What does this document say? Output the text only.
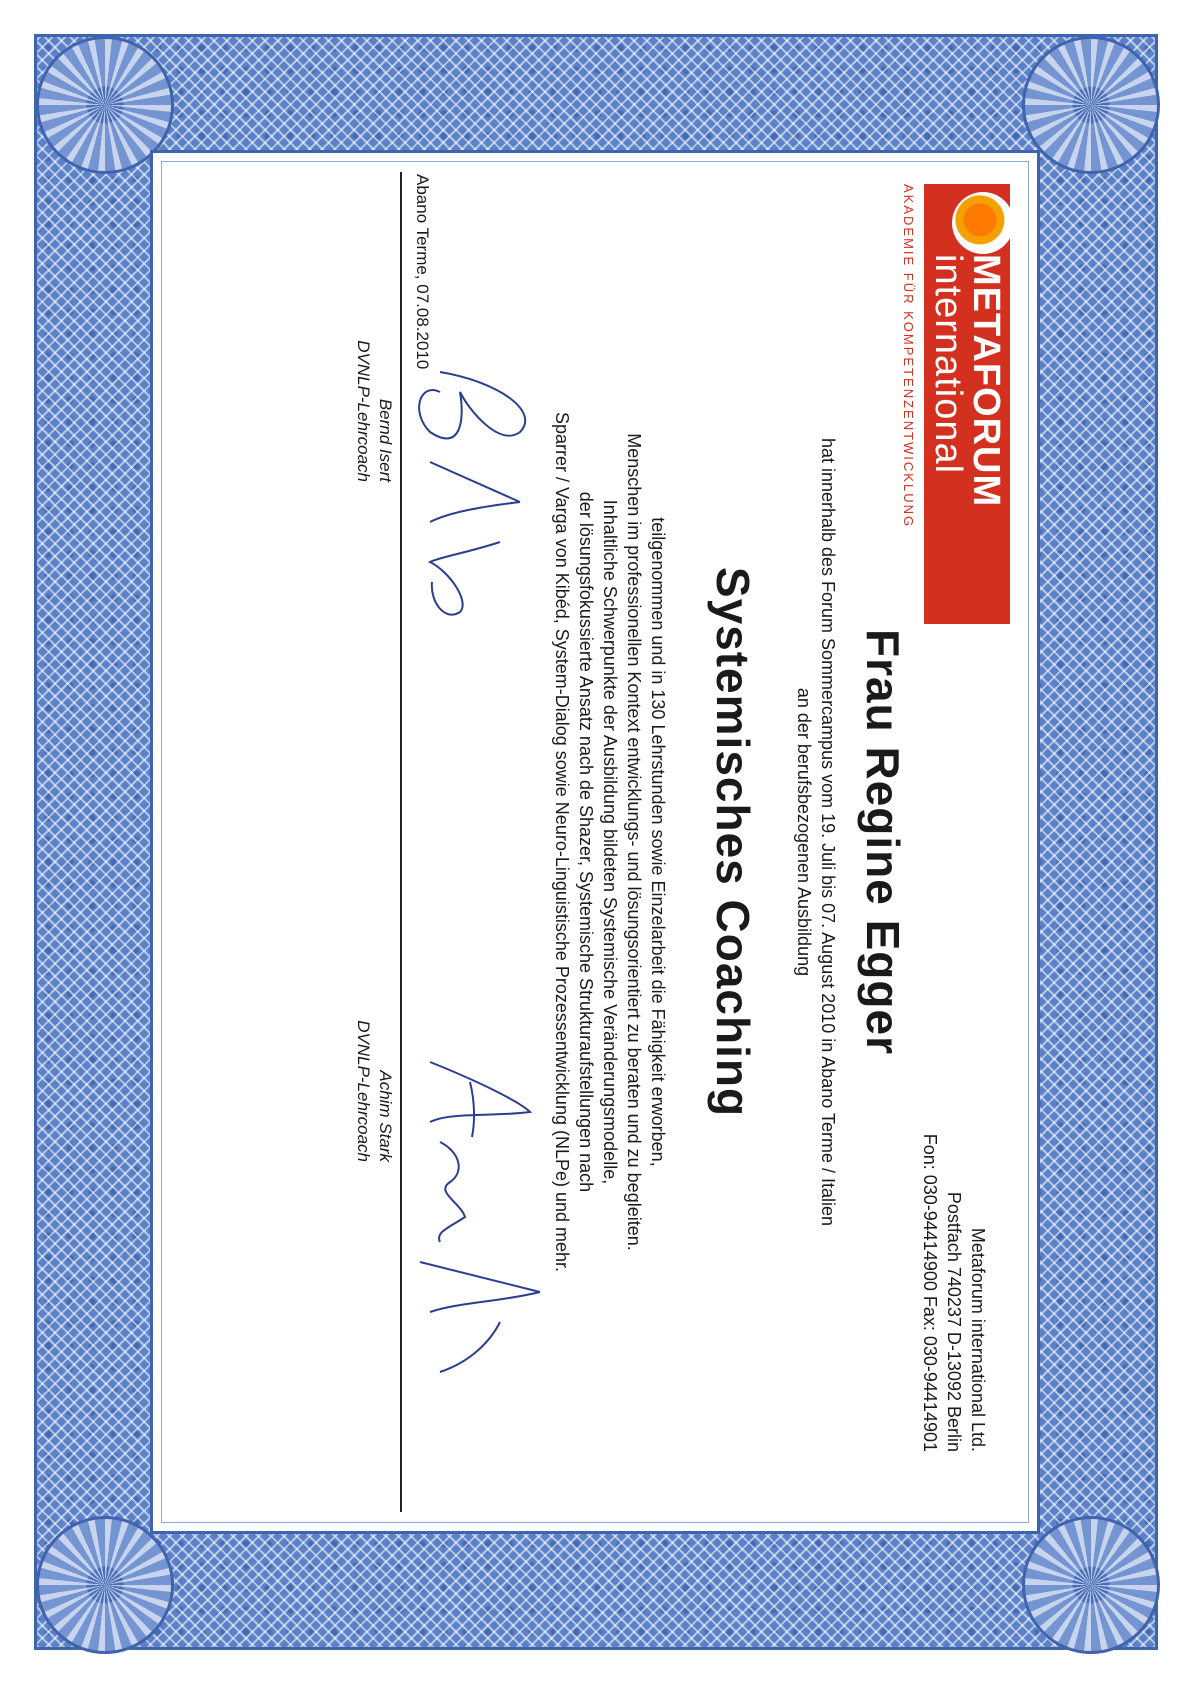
METAFORUM
international
AKADEMIE FÜR KOMPETENZENTWICKLUNG
Metaforum international Ltd.
Postfach 740237 D-13092 Berlin
Fon: 030-94414900 Fax: 030-94414901
Frau Regine Egger
hat innerhalb des Forum Sommercampus vom 19. Juli bis 07. August 2010 in Abano Terme / Italien
an der berufsbezogenen Ausbildung
Systemisches Coaching
teilgenommen und in 130 Lehrstunden sowie Einzelarbeit die Fähigkeit erworben,
Menschen im professionellen Kontext entwicklungs- und lösungsorientiert zu beraten und zu begleiten.
Inhaltliche Schwerpunkte der Ausbildung bildeten Systemische Veränderungsmodelle,
der lösungsfokussierte Ansatz nach de Shazer, Systemische Strukturaufstellungen nach
Sparrer / Varga von Kibéd, System-Dialog sowie Neuro-Linguistische Prozessentwicklung (NLPe) und mehr.
Abano Terme, 07.08.2010
Bernd Isert
DVNLP-Lehrcoach
Achim Stark
DVNLP-Lehrcoach
